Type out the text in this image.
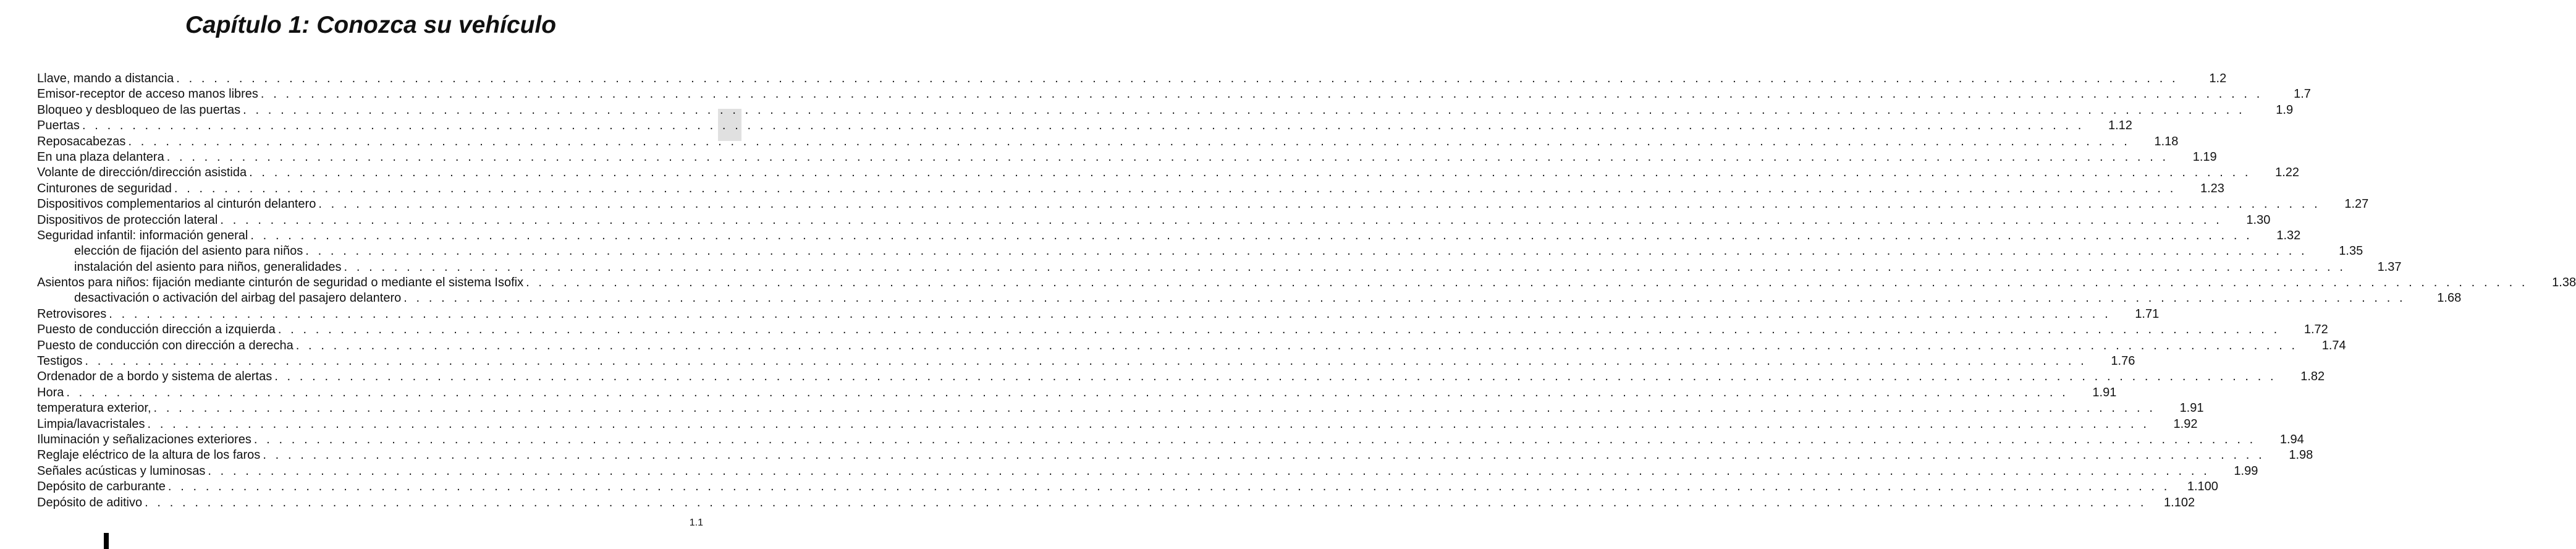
Capítulo 1: Conozca su vehículo
Llave, mando a distancia . . . . . . . . . . . . . . . . . . . . . . . . . . . . . . . . . . . . . . . . . . . . . . . . . . . . . . . . . . . . . . . . . . . . . . . . . . . . . . . . . . . . . . . . . . . . . . . . . . . . . . . . . . . . . . . . . . . . . . . . . . . . . . . . . . . . . . . . . . . . . . . . . . . . . . . . . . . . . . . .	1.2
Emisor-receptor de acceso manos libres . . . . . . . . . . . . . . . . . . . . . . . . . . . . . . . . . . . . . . . . . . . . . . . . . . . . . . . . . . . . . . . . . . . . . . . . . . . . . . . . . . . . . . . . . . . . . . . . . . . . . . . . . . . . . . . . . . . . . . . . . . . . . . . . . . . . . . . . . . . . . . . . . . . . . . . . . . . . . . . .	1.7
Bloqueo y desbloqueo de las puertas . . . . . . . . . . . . . . . . . . . . . . . . . . . . . . . . . . . . . . . . . . . . . . . . . . . . . . . . . . . . . . . . . . . . . . . . . . . . . . . . . . . . . . . . . . . . . . . . . . . . . . . . . . . . . . . . . . . . . . . . . . . . . . . . . . . . . . . . . . . . . . . . . . . . . . . . . . . . . . . .	1.9
Puertas . . . . . . . . . . . . . . . . . . . . . . . . . . . . . . . . . . . . . . . . . . . . . . . . . . . . . . . . . . . . . . . . . . . . . . . . . . . . . . . . . . . . . . . . . . . . . . . . . . . . . . . . . . . . . . . . . . . . . . . . . . . . . . . . . . . . . . . . . . . . . . . . . . . . . . . . . . . . . . . .	1.12
Reposacabezas . . . . . . . . . . . . . . . . . . . . . . . . . . . . . . . . . . . . . . . . . . . . . . . . . . . . . . . . . . . . . . . . . . . . . . . . . . . . . . . . . . . . . . . . . . . . . . . . . . . . . . . . . . . . . . . . . . . . . . . . . . . . . . . . . . . . . . . . . . . . . . . . . . . . . . . . . . . . . . . .	1.18
En una plaza delantera . . . . . . . . . . . . . . . . . . . . . . . . . . . . . . . . . . . . . . . . . . . . . . . . . . . . . . . . . . . . . . . . . . . . . . . . . . . . . . . . . . . . . . . . . . . . . . . . . . . . . . . . . . . . . . . . . . . . . . . . . . . . . . . . . . . . . . . . . . . . . . . . . . . . . . . . . . . . . . . .	1.19
Volante de dirección/dirección asistida . . . . . . . . . . . . . . . . . . . . . . . . . . . . . . . . . . . . . . . . . . . . . . . . . . . . . . . . . . . . . . . . . . . . . . . . . . . . . . . . . . . . . . . . . . . . . . . . . . . . . . . . . . . . . . . . . . . . . . . . . . . . . . . . . . . . . . . . . . . . . . . . . . . . . . . . . . . . . . . .	1.22
Cinturones de seguridad . . . . . . . . . . . . . . . . . . . . . . . . . . . . . . . . . . . . . . . . . . . . . . . . . . . . . . . . . . . . . . . . . . . . . . . . . . . . . . . . . . . . . . . . . . . . . . . . . . . . . . . . . . . . . . . . . . . . . . . . . . . . . . . . . . . . . . . . . . . . . . . . . . . . . . . . . . . . . . . .	1.23
Dispositivos complementarios al cinturón delantero . . . . . . . . . . . . . . . . . . . . . . . . . . . . . . . . . . . . . . . . . . . . . . . . . . . . . . . . . . . . . . . . . . . . . . . . . . . . . . . . . . . . . . . . . . . . . . . . . . . . . . . . . . . . . . . . . . . . . . . . . . . . . . . . . . . . . . . . . . . . . . . . . . . . . . . . . . . . . . . .	1.27
Dispositivos de protección lateral . . . . . . . . . . . . . . . . . . . . . . . . . . . . . . . . . . . . . . . . . . . . . . . . . . . . . . . . . . . . . . . . . . . . . . . . . . . . . . . . . . . . . . . . . . . . . . . . . . . . . . . . . . . . . . . . . . . . . . . . . . . . . . . . . . . . . . . . . . . . . . . . . . . . . . . . . . . . . . . .	1.30
Seguridad infantil: información general . . . . . . . . . . . . . . . . . . . . . . . . . . . . . . . . . . . . . . . . . . . . . . . . . . . . . . . . . . . . . . . . . . . . . . . . . . . . . . . . . . . . . . . . . . . . . . . . . . . . . . . . . . . . . . . . . . . . . . . . . . . . . . . . . . . . . . . . . . . . . . . . . . . . . . . . . . . . . . . .	1.32
elección de fijación del asiento para niños . . . . . . . . . . . . . . . . . . . . . . . . . . . . . . . . . . . . . . . . . . . . . . . . . . . . . . . . . . . . . . . . . . . . . . . . . . . . . . . . . . . . . . . . . . . . . . . . . . . . . . . . . . . . . . . . . . . . . . . . . . . . . . . . . . . . . . . . . . . . . . . . . . . . . . . . . . . . . . . .	1.35
instalación del asiento para niños, generalidades . . . . . . . . . . . . . . . . . . . . . . . . . . . . . . . . . . . . . . . . . . . . . . . . . . . . . . . . . . . . . . . . . . . . . . . . . . . . . . . . . . . . . . . . . . . . . . . . . . . . . . . . . . . . . . . . . . . . . . . . . . . . . . . . . . . . . . . . . . . . . . . . . . . . . . . . . . . . . . . .	1.37
Asientos para niños: fijación mediante cinturón de seguridad o mediante el sistema Isofix . . . . . . . . . . . . . . . . . . . . . . . . . . . . . . . . . . . . . . . . . . . . . . . . . . . . . . . . . . . . . . . . . . . . . . . . . . . . . . . . . . . . . . . . . . . . . . . . . . . . . . . . . . . . . . . . . . . . . . . . . . . . . . . . . . . . . . . . . . . . . . . . . . . . . . . . . . . . . . . .	1.38
desactivación o activación del airbag del pasajero delantero . . . . . . . . . . . . . . . . . . . . . . . . . . . . . . . . . . . . . . . . . . . . . . . . . . . . . . . . . . . . . . . . . . . . . . . . . . . . . . . . . . . . . . . . . . . . . . . . . . . . . . . . . . . . . . . . . . . . . . . . . . . . . . . . . . . . . . . . . . . . . . . . . . . . . . . . . . . . . . . .	1.68
Retrovisores . . . . . . . . . . . . . . . . . . . . . . . . . . . . . . . . . . . . . . . . . . . . . . . . . . . . . . . . . . . . . . . . . . . . . . . . . . . . . . . . . . . . . . . . . . . . . . . . . . . . . . . . . . . . . . . . . . . . . . . . . . . . . . . . . . . . . . . . . . . . . . . . . . . . . . . . . . . . . . . .	1.71
Puesto de conducción dirección a izquierda . . . . . . . . . . . . . . . . . . . . . . . . . . . . . . . . . . . . . . . . . . . . . . . . . . . . . . . . . . . . . . . . . . . . . . . . . . . . . . . . . . . . . . . . . . . . . . . . . . . . . . . . . . . . . . . . . . . . . . . . . . . . . . . . . . . . . . . . . . . . . . . . . . . . . . . . . . . . . . . .	1.72
Puesto de conducción con dirección a derecha . . . . . . . . . . . . . . . . . . . . . . . . . . . . . . . . . . . . . . . . . . . . . . . . . . . . . . . . . . . . . . . . . . . . . . . . . . . . . . . . . . . . . . . . . . . . . . . . . . . . . . . . . . . . . . . . . . . . . . . . . . . . . . . . . . . . . . . . . . . . . . . . . . . . . . . . . . . . . . . .	1.74
Testigos . . . . . . . . . . . . . . . . . . . . . . . . . . . . . . . . . . . . . . . . . . . . . . . . . . . . . . . . . . . . . . . . . . . . . . . . . . . . . . . . . . . . . . . . . . . . . . . . . . . . . . . . . . . . . . . . . . . . . . . . . . . . . . . . . . . . . . . . . . . . . . . . . . . . . . . . . . . . . . . .	1.76
Ordenador de a bordo y sistema de alertas . . . . . . . . . . . . . . . . . . . . . . . . . . . . . . . . . . . . . . . . . . . . . . . . . . . . . . . . . . . . . . . . . . . . . . . . . . . . . . . . . . . . . . . . . . . . . . . . . . . . . . . . . . . . . . . . . . . . . . . . . . . . . . . . . . . . . . . . . . . . . . . . . . . . . . . . . . . . . . . .	1.82
Hora . . . . . . . . . . . . . . . . . . . . . . . . . . . . . . . . . . . . . . . . . . . . . . . . . . . . . . . . . . . . . . . . . . . . . . . . . . . . . . . . . . . . . . . . . . . . . . . . . . . . . . . . . . . . . . . . . . . . . . . . . . . . . . . . . . . . . . . . . . . . . . . . . . . . . . . . . . . . . . . .	1.91
temperatura exterior, . . . . . . . . . . . . . . . . . . . . . . . . . . . . . . . . . . . . . . . . . . . . . . . . . . . . . . . . . . . . . . . . . . . . . . . . . . . . . . . . . . . . . . . . . . . . . . . . . . . . . . . . . . . . . . . . . . . . . . . . . . . . . . . . . . . . . . . . . . . . . . . . . . . . . . . . . . . . . . . .	1.91
Limpia/lavacristales . . . . . . . . . . . . . . . . . . . . . . . . . . . . . . . . . . . . . . . . . . . . . . . . . . . . . . . . . . . . . . . . . . . . . . . . . . . . . . . . . . . . . . . . . . . . . . . . . . . . . . . . . . . . . . . . . . . . . . . . . . . . . . . . . . . . . . . . . . . . . . . . . . . . . . . . . . . . . . . .	1.92
Iluminación y señalizaciones exteriores . . . . . . . . . . . . . . . . . . . . . . . . . . . . . . . . . . . . . . . . . . . . . . . . . . . . . . . . . . . . . . . . . . . . . . . . . . . . . . . . . . . . . . . . . . . . . . . . . . . . . . . . . . . . . . . . . . . . . . . . . . . . . . . . . . . . . . . . . . . . . . . . . . . . . . . . . . . . . . . .	1.94
Reglaje eléctrico de la altura de los faros . . . . . . . . . . . . . . . . . . . . . . . . . . . . . . . . . . . . . . . . . . . . . . . . . . . . . . . . . . . . . . . . . . . . . . . . . . . . . . . . . . . . . . . . . . . . . . . . . . . . . . . . . . . . . . . . . . . . . . . . . . . . . . . . . . . . . . . . . . . . . . . . . . . . . . . . . . . . . . . .	1.98
Señales acústicas y luminosas . . . . . . . . . . . . . . . . . . . . . . . . . . . . . . . . . . . . . . . . . . . . . . . . . . . . . . . . . . . . . . . . . . . . . . . . . . . . . . . . . . . . . . . . . . . . . . . . . . . . . . . . . . . . . . . . . . . . . . . . . . . . . . . . . . . . . . . . . . . . . . . . . . . . . . . . . . . . . . . .	1.99
Depósito de carburante . . . . . . . . . . . . . . . . . . . . . . . . . . . . . . . . . . . . . . . . . . . . . . . . . . . . . . . . . . . . . . . . . . . . . . . . . . . . . . . . . . . . . . . . . . . . . . . . . . . . . . . . . . . . . . . . . . . . . . . . . . . . . . . . . . . . . . . . . . . . . . . . . . . . . . . . . . . . . . . . 1.100
Depósito de aditivo . . . . . . . . . . . . . . . . . . . . . . . . . . . . . . . . . . . . . . . . . . . . . . . . . . . . . . . . . . . . . . . . . . . . . . . . . . . . . . . . . . . . . . . . . . . . . . . . . . . . . . . . . . . . . . . . . . . . . . . . . . . . . . . . . . . . . . . . . . . . . . . . . . . . . . . . . . . . . . . . 1.102
1.1
